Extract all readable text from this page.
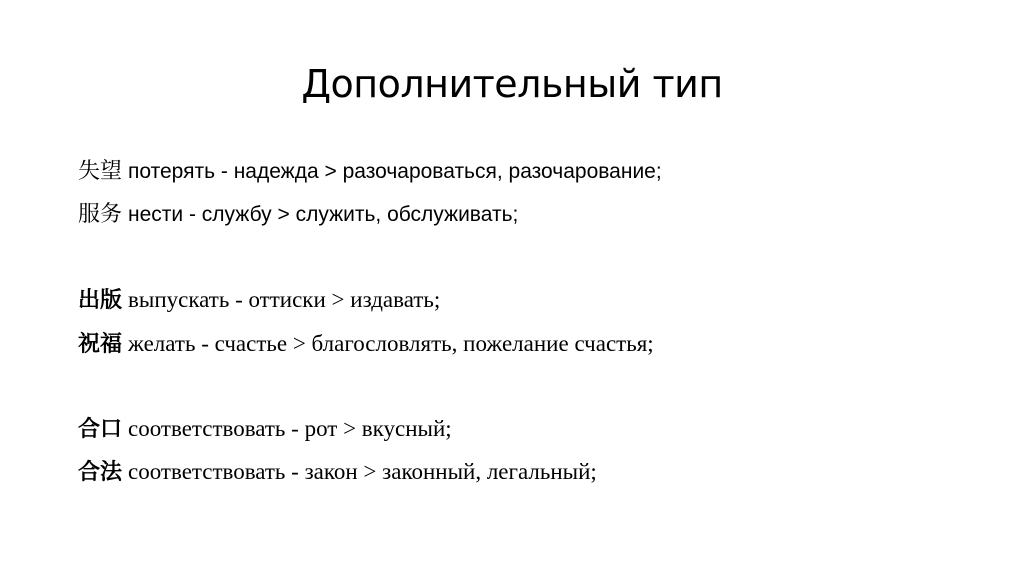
Дополнительный тип
失望 потерять - надежда > разочароваться, разочарование;
服务 нести - службу > служить, обслуживать;
出版 выпускать - оттиски > издавать;
祝福 желать - счастье > благословлять, пожелание счастья;
合口 соответствовать - рот > вкусный;
合法 соответствовать - закон > законный, легальный;
